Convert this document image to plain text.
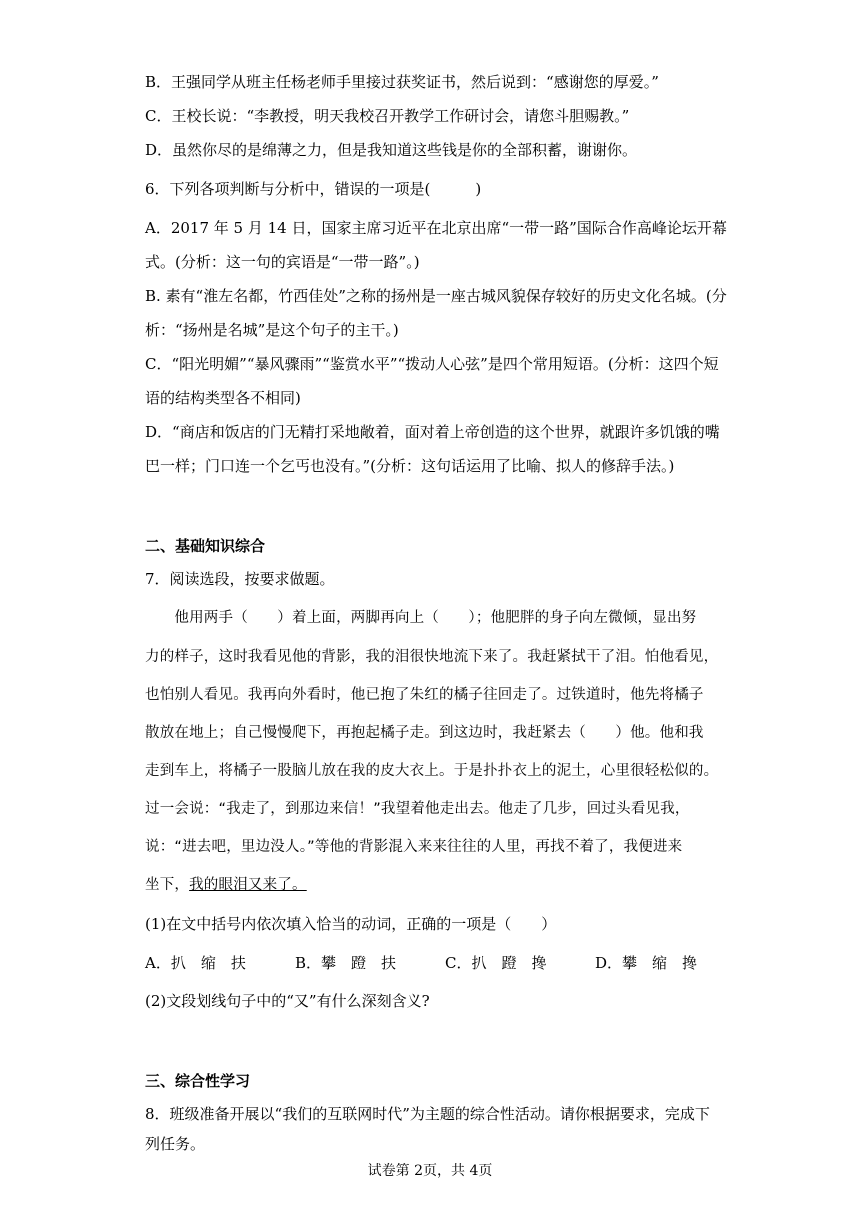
B．王强同学从班主任杨老师手里接过获奖证书，然后说到：“感谢您的厚爱。”
C．王校长说：“李教授，明天我校召开教学工作研讨会，请您斗胆赐教。”
D．虽然你尽的是绵薄之力，但是我知道这些钱是你的全部积蓄，谢谢你。
6．下列各项判断与分析中，错误的一项是(　　　)
A．2017 年 5 月 14 日，国家主席习近平在北京出席“一带一路”国际合作高峰论坛开幕
式。(分析：这一句的宾语是“一带一路”。)
B. 素有“淮左名都，竹西佳处”之称的扬州是一座古城风貌保存较好的历史文化名城。(分
析：“扬州是名城”是这个句子的主干。)
C．“阳光明媚”“暴风骤雨”“鉴赏水平”“拨动人心弦”是四个常用短语。(分析：这四个短
语的结构类型各不相同)
D．“商店和饭店的门无精打采地敞着，面对着上帝创造的这个世界，就跟许多饥饿的嘴
巴一样；门口连一个乞丐也没有。”(分析：这句话运用了比喻、拟人的修辞手法。)
二、基础知识综合
7．阅读选段，按要求做题。
　　他用两手（　　）着上面，两脚再向上（　　）；他肥胖的身子向左微倾，显出努
力的样子，这时我看见他的背影，我的泪很快地流下来了。我赶紧拭干了泪。怕他看见，
也怕别人看见。我再向外看时，他已抱了朱红的橘子往回走了。过铁道时，他先将橘子
散放在地上；自己慢慢爬下，再抱起橘子走。到这边时，我赶紧去（　　）他。他和我
走到车上，将橘子一股脑儿放在我的皮大衣上。于是扑扑衣上的泥土，心里很轻松似的。
过一会说：“我走了，到那边来信！”我望着他走出去。他走了几步，回过头看见我，
说：“进去吧，里边没人。”等他的背影混入来来往往的人里，再找不着了，我便进来
坐下，我的眼泪又来了。
(1)在文中括号内依次填入恰当的动词，正确的一项是（　　）
A．扒　缩　扶	B．攀　蹬　扶	C．扒　蹬　搀	D．攀　缩　搀
(2)文段划线句子中的“又”有什么深刻含义?
三、综合性学习
8．班级准备开展以“我们的互联网时代”为主题的综合性活动。请你根据要求，完成下
列任务。
试卷第 2页，共 4页
